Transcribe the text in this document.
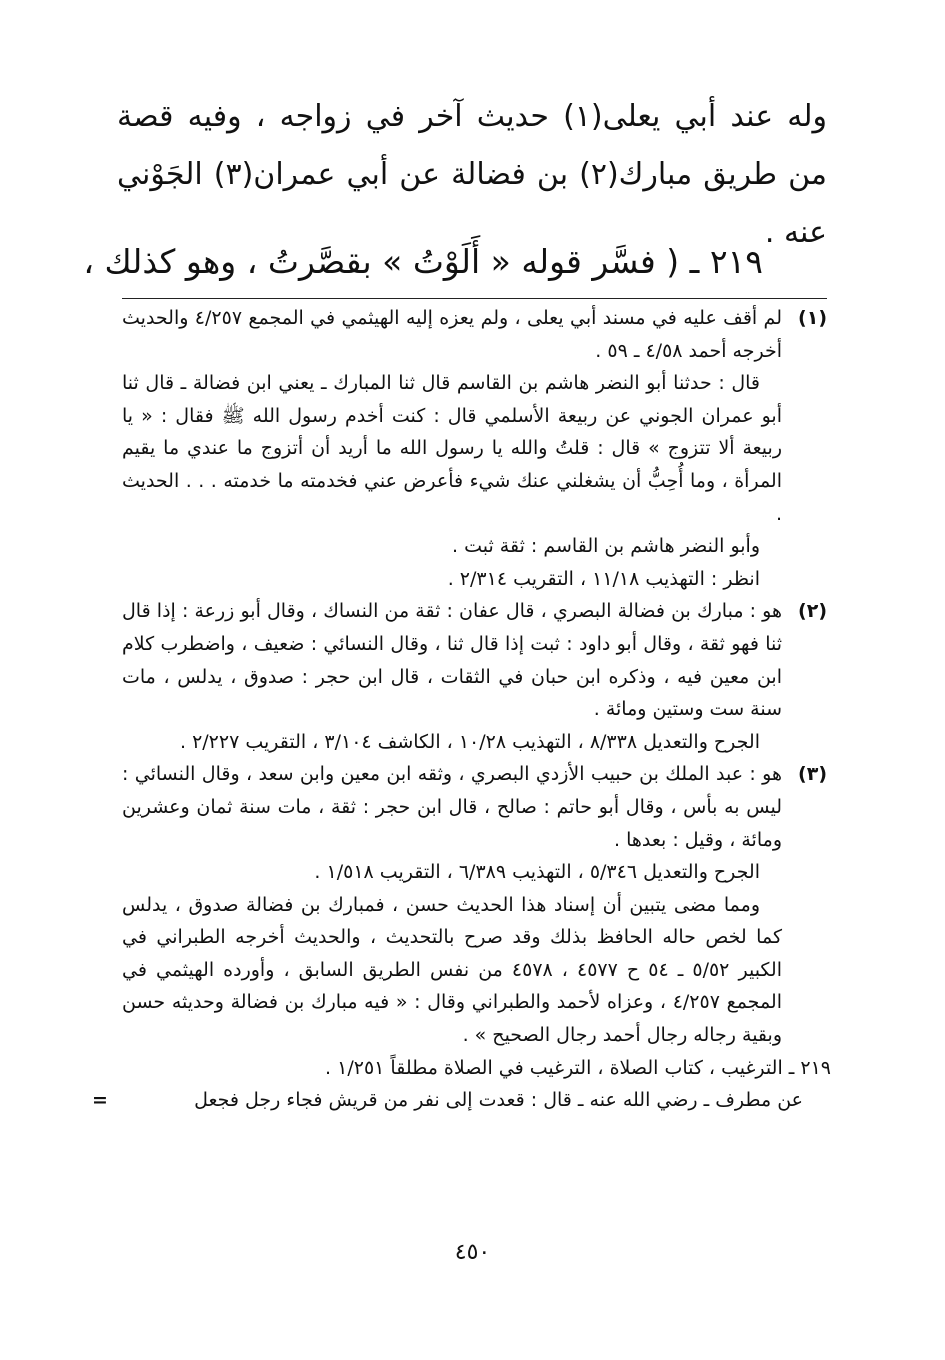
وله عند أبي يعلى(١) حديث آخر في زواجه ، وفيه قصة من طريق مبارك(٢) بن فضالة عن أبي عمران(٣) الجَوْني عنه .

٢١٩ ـ ( فسَّر قوله « أَلَوْتُ » بقصَّرتُ ، وهو كذلك ،

(١)

لم أقف عليه في مسند أبي يعلى ، ولم يعزه إليه الهيثمي في المجمع ٤/٢٥٧ والحديث أخرجه أحمد ٤/٥٨ ـ ٥٩ .

قال : حدثنا أبو النضر هاشم بن القاسم قال ثنا المبارك ـ يعني ابن فضالة ـ قال ثنا أبو عمران الجوني عن ربيعة الأسلمي قال : كنت أخدم رسول الله ﷺ فقال : « يا ربيعة ألا تتزوج » قال : قلتُ والله يا رسول الله ما أريد أن أتزوج ما عندي ما يقيم المرأة ، وما أُحِبُّ أن يشغلني عنك شيء فأعرض عني فخدمته ما خدمته . . . الحديث .

وأبو النضر هاشم بن القاسم : ثقة ثبت .

انظر : التهذيب ١١/١٨ ، التقريب ٢/٣١٤ .

(٢)

هو : مبارك بن فضالة البصري ، قال عفان : ثقة من النساك ، وقال أبو زرعة : إذا قال ثنا فهو ثقة ، وقال أبو داود : ثبت إذا قال ثنا ، وقال النسائي : ضعيف ، واضطرب كلام ابن معين فيه ، وذكره ابن حبان في الثقات ، قال ابن حجر : صدوق ، يدلس ، مات سنة ست وستين ومائة .

الجرح والتعديل ٨/٣٣٨ ، التهذيب ١٠/٢٨ ، الكاشف ٣/١٠٤ ، التقريب ٢/٢٢٧ .

(٣)

هو : عبد الملك بن حبيب الأزدي البصري ، وثقه ابن معين وابن سعد ، وقال النسائي : ليس به بأس ، وقال أبو حاتم : صالح ، قال ابن حجر : ثقة ، مات سنة ثمان وعشرين ومائة ، وقيل : بعدها .

الجرح والتعديل ٥/٣٤٦ ، التهذيب ٦/٣٨٩ ، التقريب ١/٥١٨ .

ومما مضى يتبين أن إسناد هذا الحديث حسن ، فمبارك بن فضالة صدوق ، يدلس كما لخص حاله الحافظ بذلك وقد صرح بالتحديث ، والحديث أخرجه الطبراني في الكبير ٥/٥٢ ـ ٥٤ ح ٤٥٧٧ ، ٤٥٧٨ من نفس الطريق السابق ، وأورده الهيثمي في المجمع ٤/٢٥٧ ، وعزاه لأحمد والطبراني وقال : « فيه مبارك بن فضالة وحديثه حسن وبقية رجاله رجال أحمد رجال الصحيح » .

٢١٩ ـ الترغيب ، كتاب الصلاة ، الترغيب في الصلاة مطلقاً ١/٢٥١ .

عن مطرف ـ رضي الله عنه ـ قال : قعدت إلى نفر من قريش فجاء رجل فجعل
=

٤٥٠
